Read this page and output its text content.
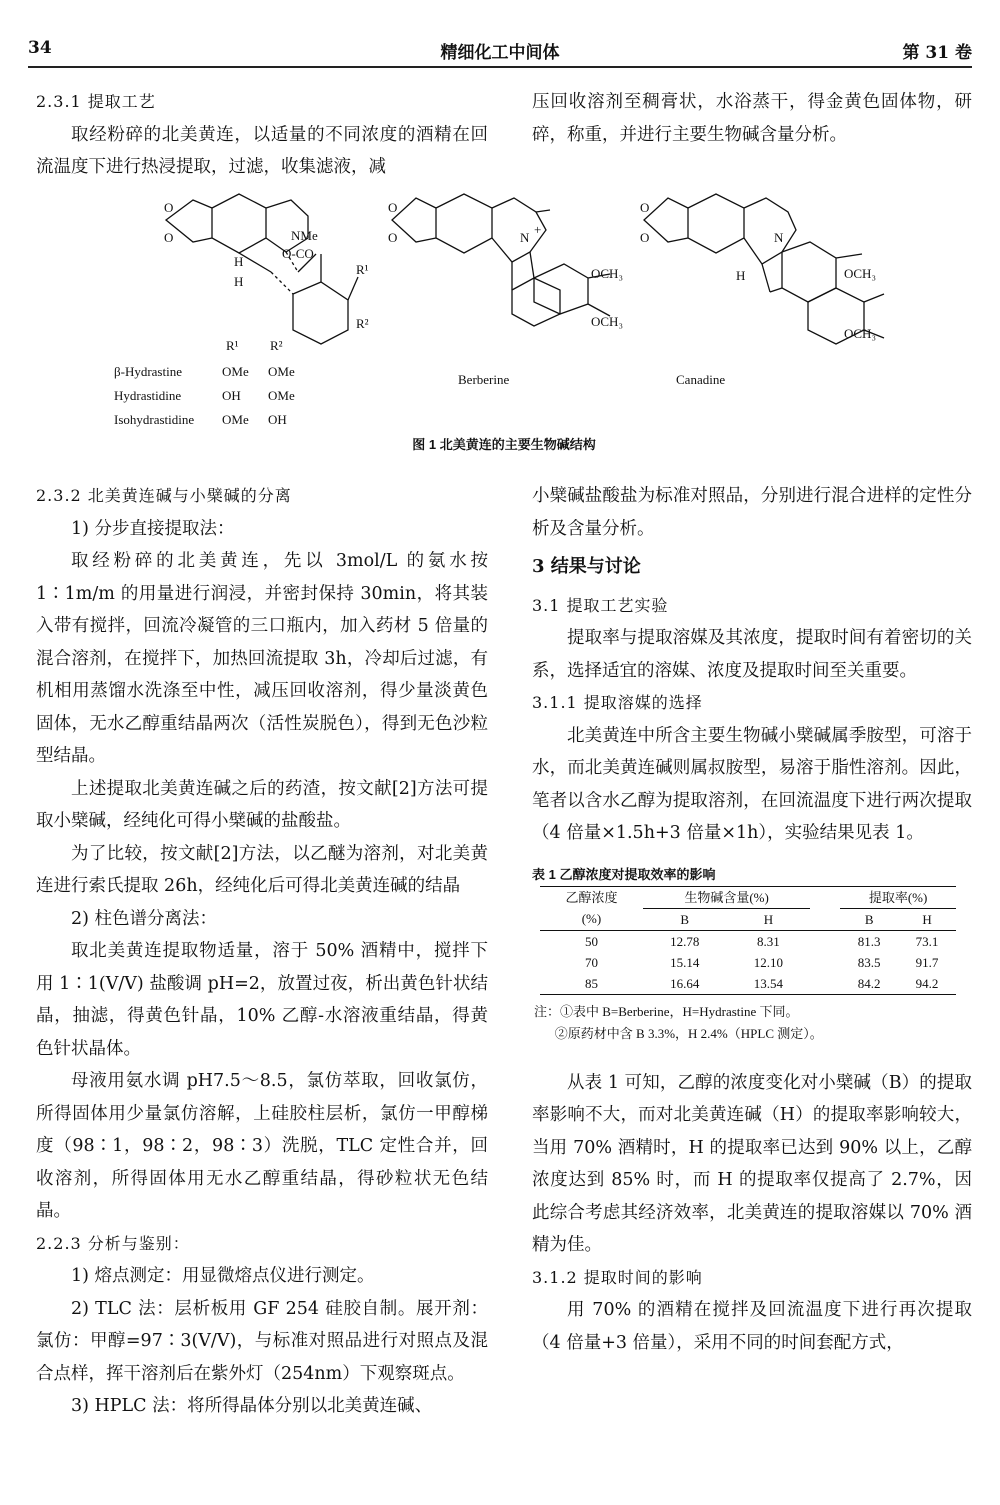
34	精细化工中间体	第 31 卷

2.3.1 提取工艺

取经粉碎的北美黄连，以适量的不同浓度的酒精在回流温度下进行热浸提取，过滤，收集滤液，减

压回收溶剂至稠膏状，水浴蒸干，得金黄色固体物，研碎，称重，并进行主要生物碱含量分析。

O
O
O
O
O
O
NMe
O-CO
H
H
R¹
R²
R¹ R²
β-Hydrastine	OMe OMe
Hydrastidine	OH OMe
Isohydrastidine OMe OH
N
+
OCH₃
OCH₃
Berberine
N
H	OCH₃
OCH₃
Canadine
图 1 北美黄连的主要生物碱结构

2.3.2 北美黄连碱与小檗碱的分离

1) 分步直接提取法：

取经粉碎的北美黄连，先以 3mol/L 的氨水按 1∶1m/m 的用量进行润浸，并密封保持 30min，将其装入带有搅拌，回流冷凝管的三口瓶内，加入药材 5 倍量的混合溶剂，在搅拌下，加热回流提取 3h，冷却后过滤，有机相用蒸馏水洗涤至中性，减压回收溶剂，得少量淡黄色固体，无水乙醇重结晶两次（活性炭脱色），得到无色沙粒型结晶。

上述提取北美黄连碱之后的药渣，按文献[2]方法可提取小檗碱，经纯化可得小檗碱的盐酸盐。

为了比较，按文献[2]方法，以乙醚为溶剂，对北美黄连进行索氏提取 26h，经纯化后可得北美黄连碱的结晶

2) 柱色谱分离法：

取北美黄连提取物适量，溶于 50% 酒精中，搅拌下用 1∶1(V/V) 盐酸调 pH=2，放置过夜，析出黄色针状结晶，抽滤，得黄色针晶，10% 乙醇-水溶液重结晶，得黄色针状晶体。

母液用氨水调 pH7.5～8.5，氯仿萃取，回收氯仿，所得固体用少量氯仿溶解，上硅胶柱层析，氯仿一甲醇梯度（98∶1，98∶2，98∶3）洗脱，TLC 定性合并，回收溶剂，所得固体用无水乙醇重结晶，得砂粒状无色结晶。

2.2.3 分析与鉴别：

1) 熔点测定：用显微熔点仪进行测定。

2) TLC 法：层析板用 GF 254 硅胶自制。展开剂：氯仿：甲醇=97∶3(V/V)，与标准对照品进行对照点及混合点样，挥干溶剂后在紫外灯（254nm）下观察斑点。

3) HPLC 法：将所得晶体分别以北美黄连碱、

小檗碱盐酸盐为标准对照品，分别进行混合进样的定性分析及含量分析。

3 结果与讨论

3.1 提取工艺实验

提取率与提取溶媒及其浓度，提取时间有着密切的关系，选择适宜的溶媒、浓度及提取时间至关重要。

3.1.1 提取溶媒的选择

北美黄连中所含主要生物碱小檗碱属季胺型，可溶于水，而北美黄连碱则属叔胺型，易溶于脂性溶剂。因此，笔者以含水乙醇为提取溶剂，在回流温度下进行两次提取（4 倍量×1.5h+3 倍量×1h），实验结果见表 1。

表 1 乙醇浓度对提取效率的影响

乙醇浓度	生物碱含量(%)			提取率(%)	
(%)	B	H		B	H
50	12.78	8.31		81.3	73.1
70	15.14	12.10		83.5	91.7
85	16.64	13.54		84.2	94.2

注：①表中 B=Berberine，H=Hydrastine 下同。

②原药材中含 B 3.3%，H 2.4%（HPLC 测定）。

从表 1 可知，乙醇的浓度变化对小檗碱（B）的提取率影响不大，而对北美黄连碱（H）的提取率影响较大，当用 70% 酒精时，H 的提取率已达到 90% 以上，乙醇浓度达到 85% 时，而 H 的提取率仅提高了 2.7%，因此综合考虑其经济效率，北美黄连的提取溶媒以 70% 酒精为佳。

3.1.2 提取时间的影响

用 70% 的酒精在搅拌及回流温度下进行再次提取（4 倍量+3 倍量），采用不同的时间套配方式，
